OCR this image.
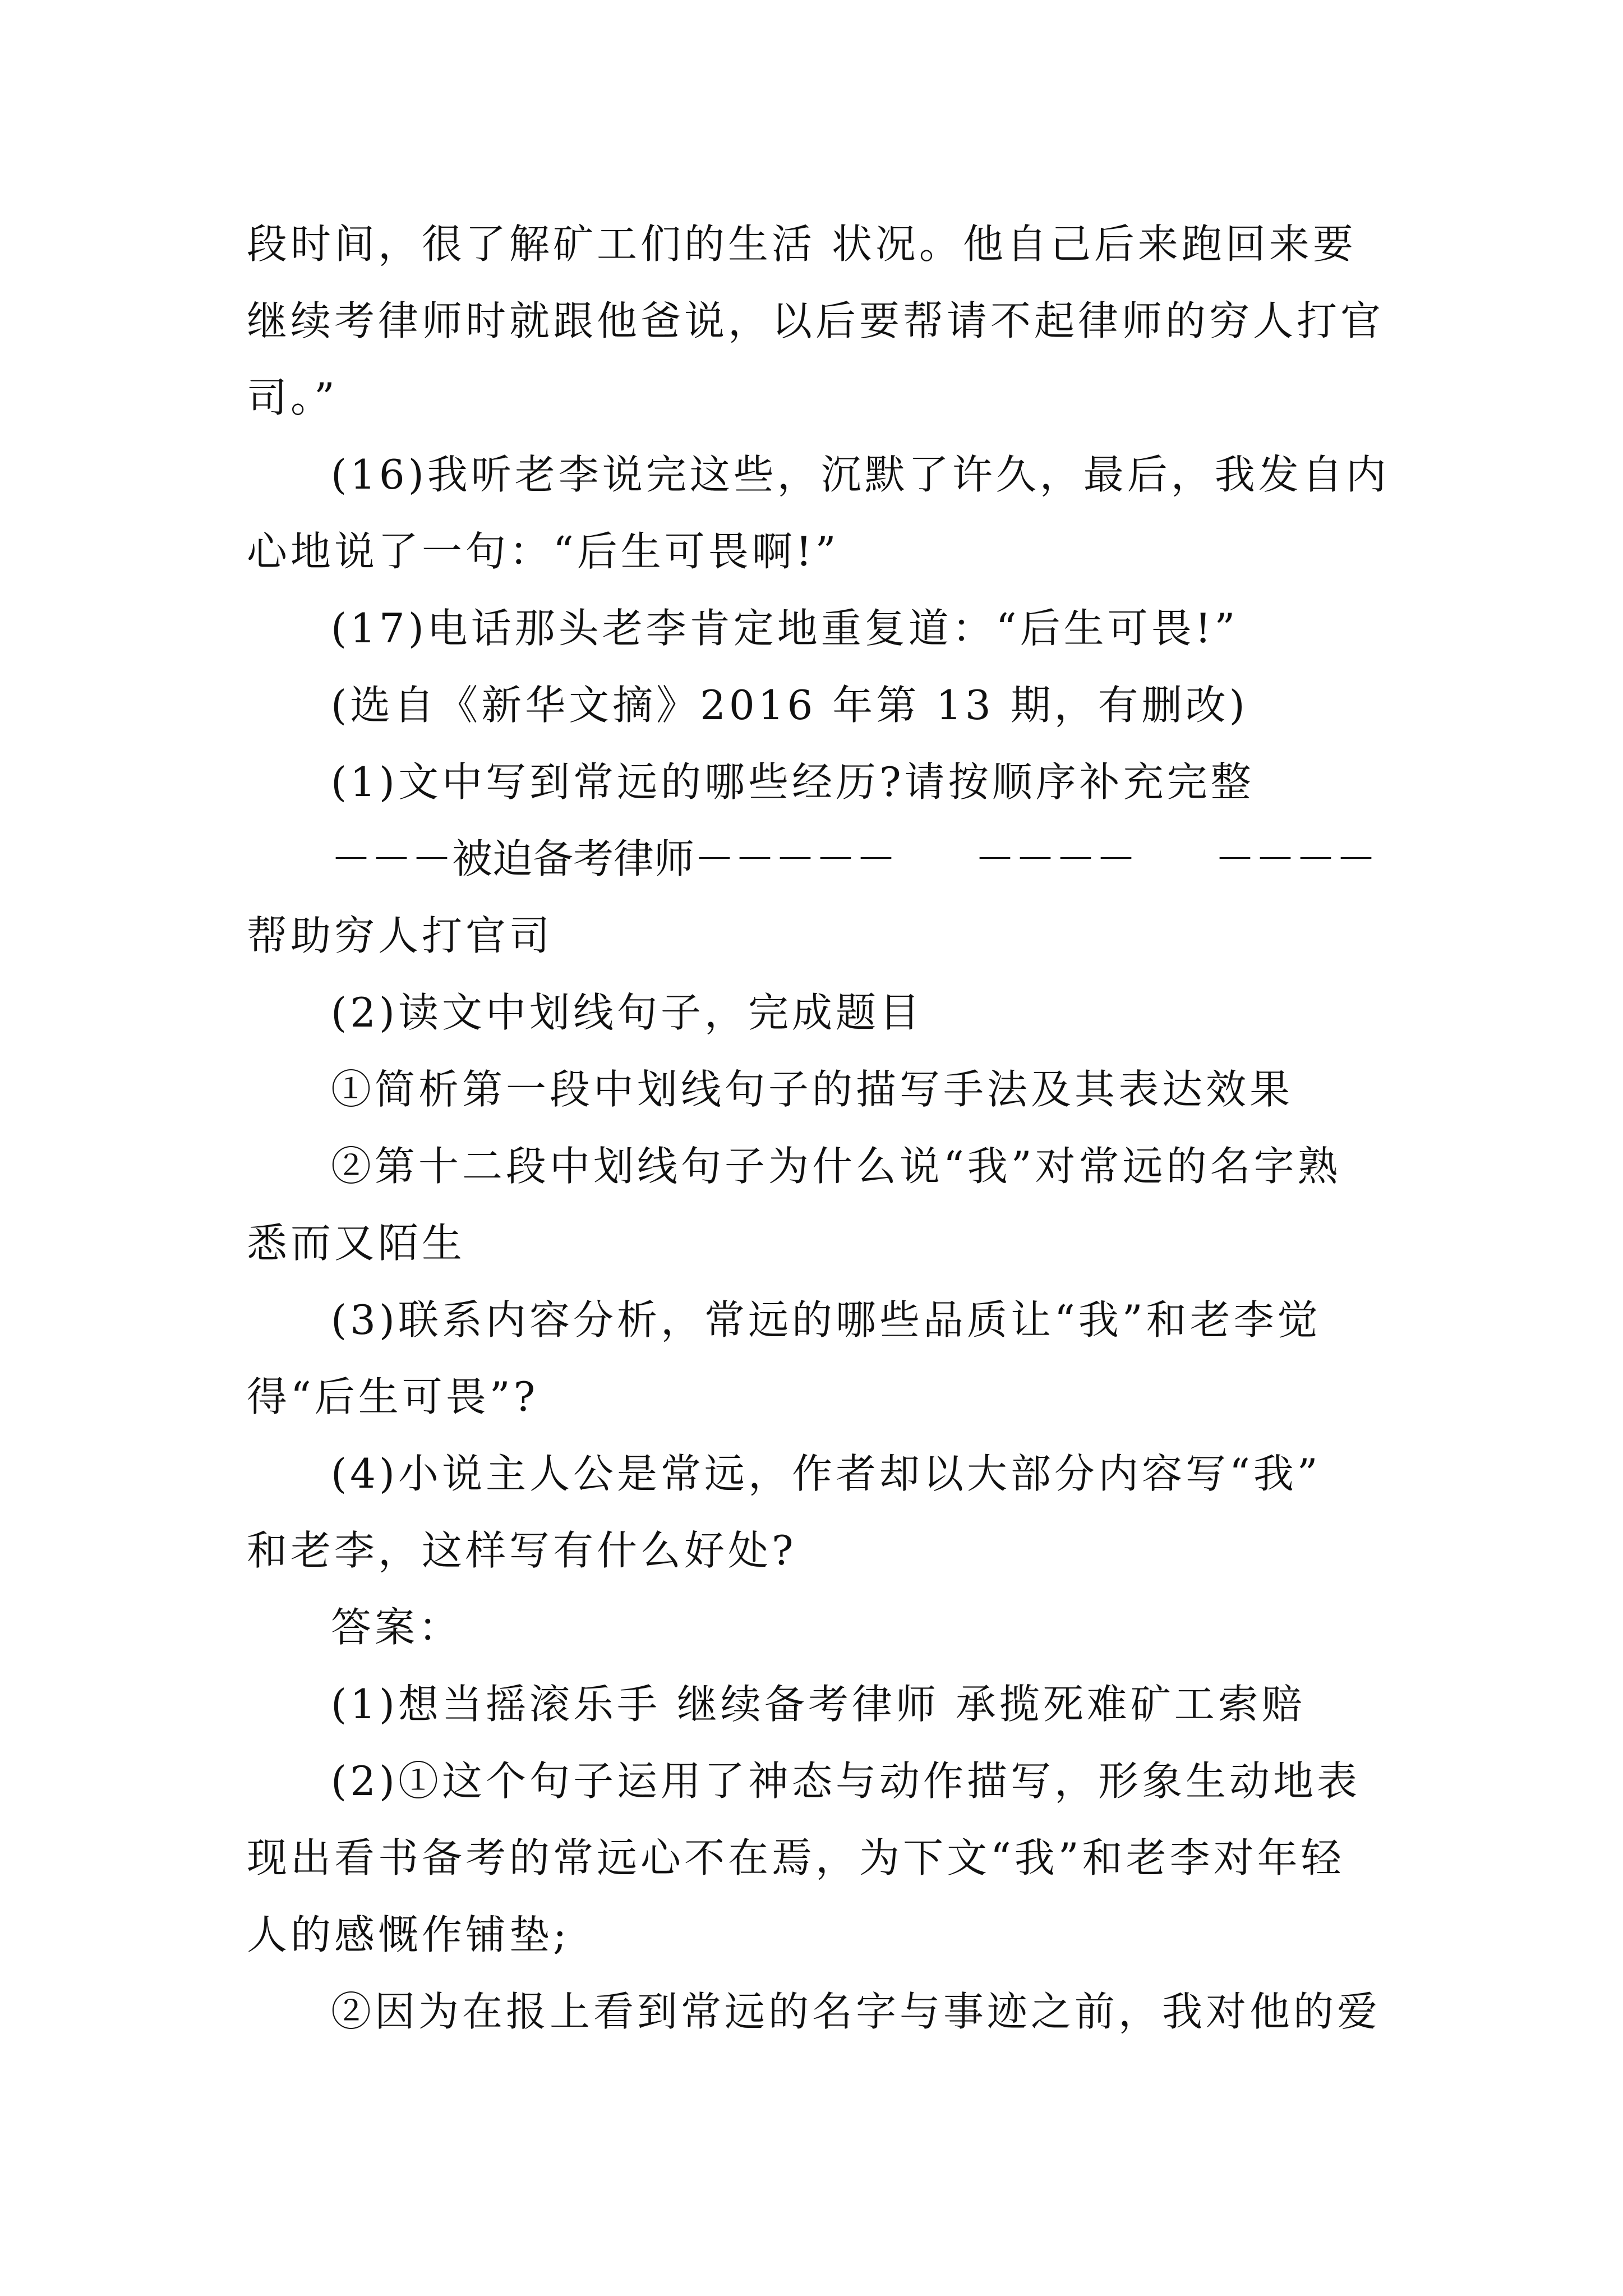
段时间，很了解矿工们的生活 状况。他自己后来跑回来要
继续考律师时就跟他爸说，以后要帮请不起律师的穷人打官
司。”
(16)我听老李说完这些，沉默了许久，最后，我发自内
心地说了一句：“后生可畏啊!”
(17)电话那头老李肯定地重复道：“后生可畏!”
(选自《新华文摘》2016 年第 13 期，有删改)
(1)文中写到常远的哪些经历?请按顺序补充完整
－－－被迫备考律师－－－－－ －－－－ －－－－
帮助穷人打官司
(2)读文中划线句子，完成题目
①简析第一段中划线句子的描写手法及其表达效果
②第十二段中划线句子为什么说“我”对常远的名字熟
悉而又陌生
(3)联系内容分析，常远的哪些品质让“我”和老李觉
得“后生可畏”?
(4)小说主人公是常远，作者却以大部分内容写“我”
和老李，这样写有什么好处?
答案：
(1)想当摇滚乐手 继续备考律师 承揽死难矿工索赔
(2)①这个句子运用了神态与动作描写，形象生动地表
现出看书备考的常远心不在焉，为下文“我”和老李对年轻
人的感慨作铺垫;
②因为在报上看到常远的名字与事迹之前，我对他的爱
